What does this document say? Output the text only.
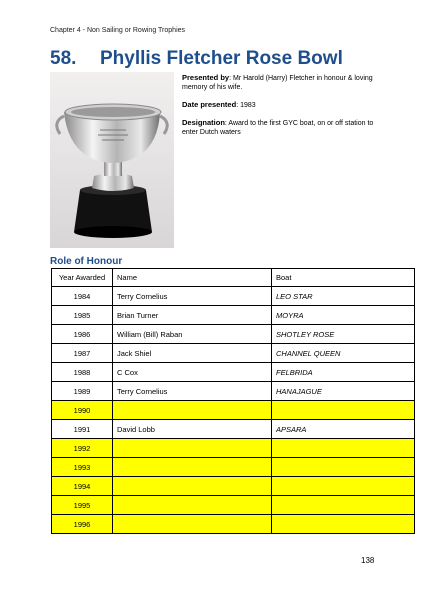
Chapter 4 - Non Sailing or Rowing Trophies
58. Phyllis Fletcher Rose Bowl

Presented by: Mr Harold (Harry) Fletcher in honour & loving memory of his wife.

Date presented: 1983

Designation: Award to the first GYC boat, on or off station to enter Dutch waters

Role of Honour
Year Awarded	Name	Boat
1984	Terry Cornelius	LEO STAR
1985	Brian Turner	MOYRA
1986	William (Bill) Raban	SHOTLEY ROSE
1987	Jack Shiel	CHANNEL QUEEN
1988	C Cox	FELBRIDA
1989	Terry Cornelius	HANAJAGUE
1990		
1991	David Lobb	APSARA
1992		
1993		
1994		
1995		
1996		
138
